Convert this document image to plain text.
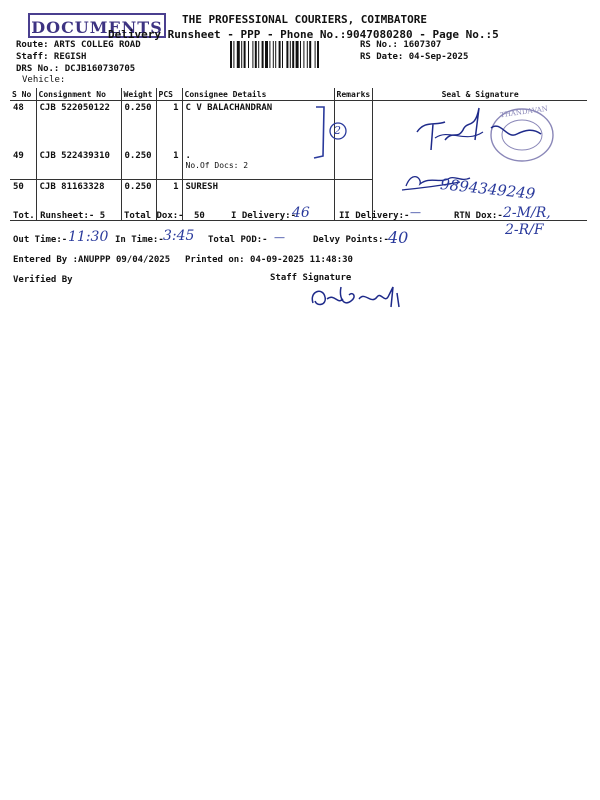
DOCUMENTS THE PROFESSIONAL COURIERS, COIMBATORE
Delivery Runsheet - PPP - Phone No.:9047080280 - Page No.:5
Route: ARTS COLLEG ROAD
Staff: REGISH
DRS No.: DCJB160730705
Vehicle:
RS No.: 1607307
RS Date: 04-Sep-2025
S No	Consignment No	Weight	PCS	Consignee Details	Remarks	Seal & Signature
48	CJB 522050122	0.250	1	C V BALACHANDRAN		
49	CJB 522439310	0.250	1	.
No.Of Docs: 2		

50	CJB 81163328	0.250	1	SURESH		
2
THANDAVAN
9894349249
Tot. Runsheet:- 5 Total Dox:- 50	I Delivery:-
46	II Delivery:- —	RTN Dox:- 2-M/R,
2-R/F
Out Time:- 11:30 In Time:- 3:45 Total POD:- —	Delvy Points:- 40
Entered By :ANUPPP 09/04/2025 Printed on: 04-09-2025 11:48:30
Verified By	Staff Signature
